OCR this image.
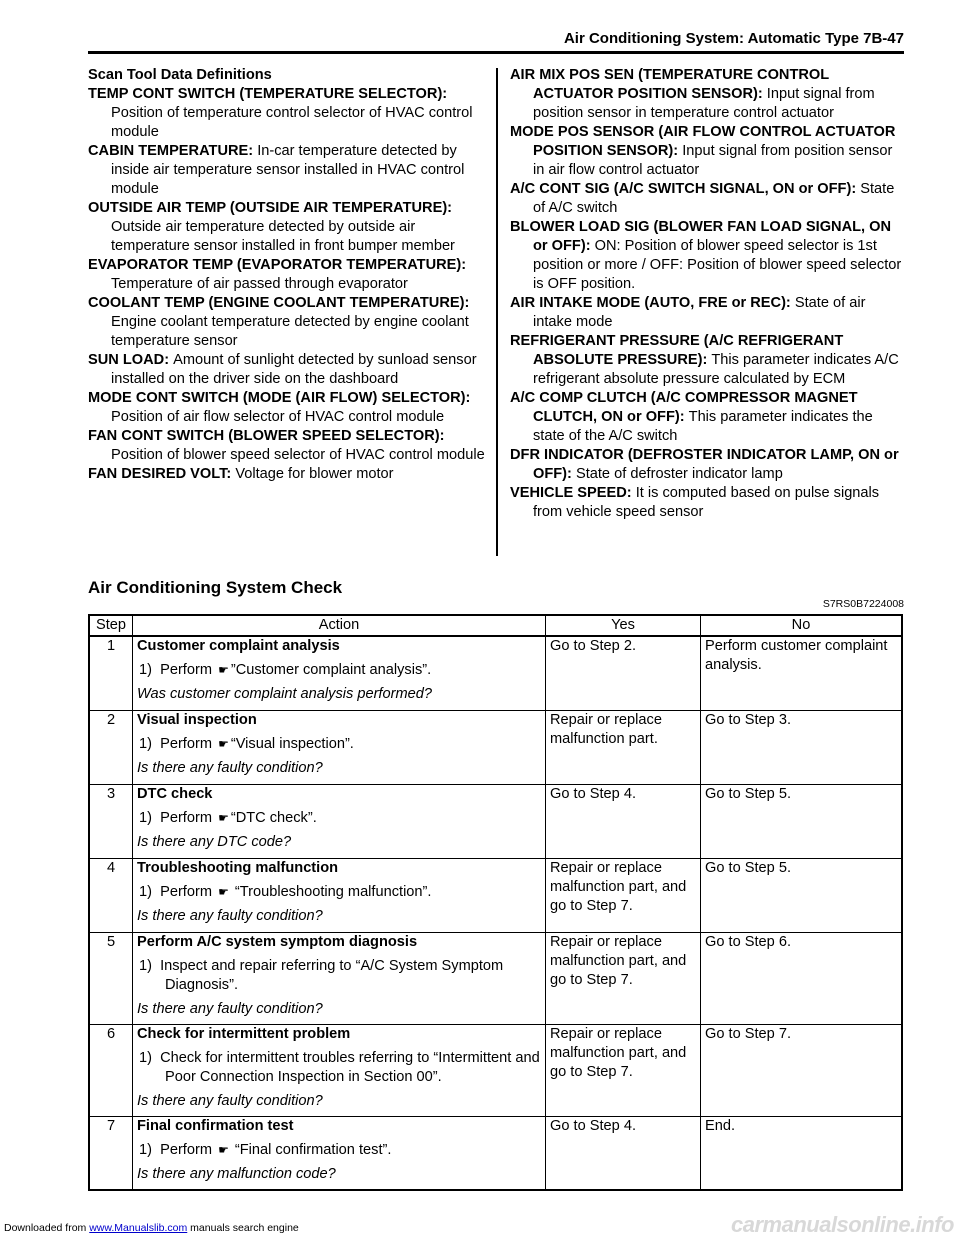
Air Conditioning System: Automatic Type 7B-47
Scan Tool Data Definitions

TEMP CONT SWITCH (TEMPERATURE SELECTOR):Position of temperature control selector of HVAC control module

CABIN TEMPERATURE: In-car temperature detected by inside air temperature sensor installed in HVAC control module

OUTSIDE AIR TEMP (OUTSIDE AIR TEMPERATURE):Outside air temperature detected by outside air temperature sensor installed in front bumper member

EVAPORATOR TEMP (EVAPORATOR TEMPERATURE):Temperature of air passed through evaporator

COOLANT TEMP (ENGINE COOLANT TEMPERATURE):Engine coolant temperature detected by engine coolant temperature sensor

SUN LOAD: Amount of sunlight detected by sunload sensor installed on the driver side on the dashboard

MODE CONT SWITCH (MODE (AIR FLOW) SELECTOR):Position of air flow selector of HVAC control module

FAN CONT SWITCH (BLOWER SPEED SELECTOR):Position of blower speed selector of HVAC control module

FAN DESIRED VOLT: Voltage for blower motor

AIR MIX POS SEN (TEMPERATURE CONTROL ACTUATOR POSITION SENSOR): Input signal from position sensor in temperature control actuator

MODE POS SENSOR (AIR FLOW CONTROL ACTUATOR POSITION SENSOR): Input signal from position sensor in air flow control actuator

A/C CONT SIG (A/C SWITCH SIGNAL, ON or OFF): State of A/C switch

BLOWER LOAD SIG (BLOWER FAN LOAD SIGNAL, ON or OFF): ON: Position of blower speed selector is 1st position or more / OFF: Position of blower speed selector is OFF position.

AIR INTAKE MODE (AUTO, FRE or REC): State of air intake mode

REFRIGERANT PRESSURE (A/C REFRIGERANT ABSOLUTE PRESSURE): This parameter indicates A/C refrigerant absolute pressure calculated by ECM

A/C COMP CLUTCH (A/C COMPRESSOR MAGNET CLUTCH, ON or OFF): This parameter indicates the state of the A/C switch

DFR INDICATOR (DEFROSTER INDICATOR LAMP, ON or OFF): State of defroster indicator lamp

VEHICLE SPEED: It is computed based on pulse signals from vehicle speed sensor

Air Conditioning System Check
S7RS0B7224008
Step	Action	Yes	No
1	Customer complaint analysis
1) Perform ☛ ”Customer complaint analysis”.
Was customer complaint analysis performed?	Go to Step 2.	Perform customer complaint analysis.
2	Visual inspection
1) Perform ☛ “Visual inspection”.
Is there any faulty condition?	Repair or replace malfunction part.	Go to Step 3.
3	DTC check
1) Perform ☛ “DTC check”.
Is there any DTC code?	Go to Step 4.	Go to Step 5.
4	Troubleshooting malfunction
1) Perform ☛ “Troubleshooting malfunction”.
Is there any faulty condition?	Repair or replace malfunction part, and go to Step 7.	Go to Step 5.
5	Perform A/C system symptom diagnosis
1) Inspect and repair referring to “A/C System Symptom Diagnosis”.
Is there any faulty condition?	Repair or replace malfunction part, and go to Step 7.	Go to Step 6.
6	Check for intermittent problem
1) Check for intermittent troubles referring to “Intermittent and Poor Connection Inspection in Section 00”.
Is there any faulty condition?	Repair or replace malfunction part, and go to Step 7.	Go to Step 7.
7	Final confirmation test
1) Perform ☛ “Final confirmation test”.
Is there any malfunction code?	Go to Step 4.	End.
Downloaded from www.Manualslib.com manuals search engine	carmanualsonline.info
